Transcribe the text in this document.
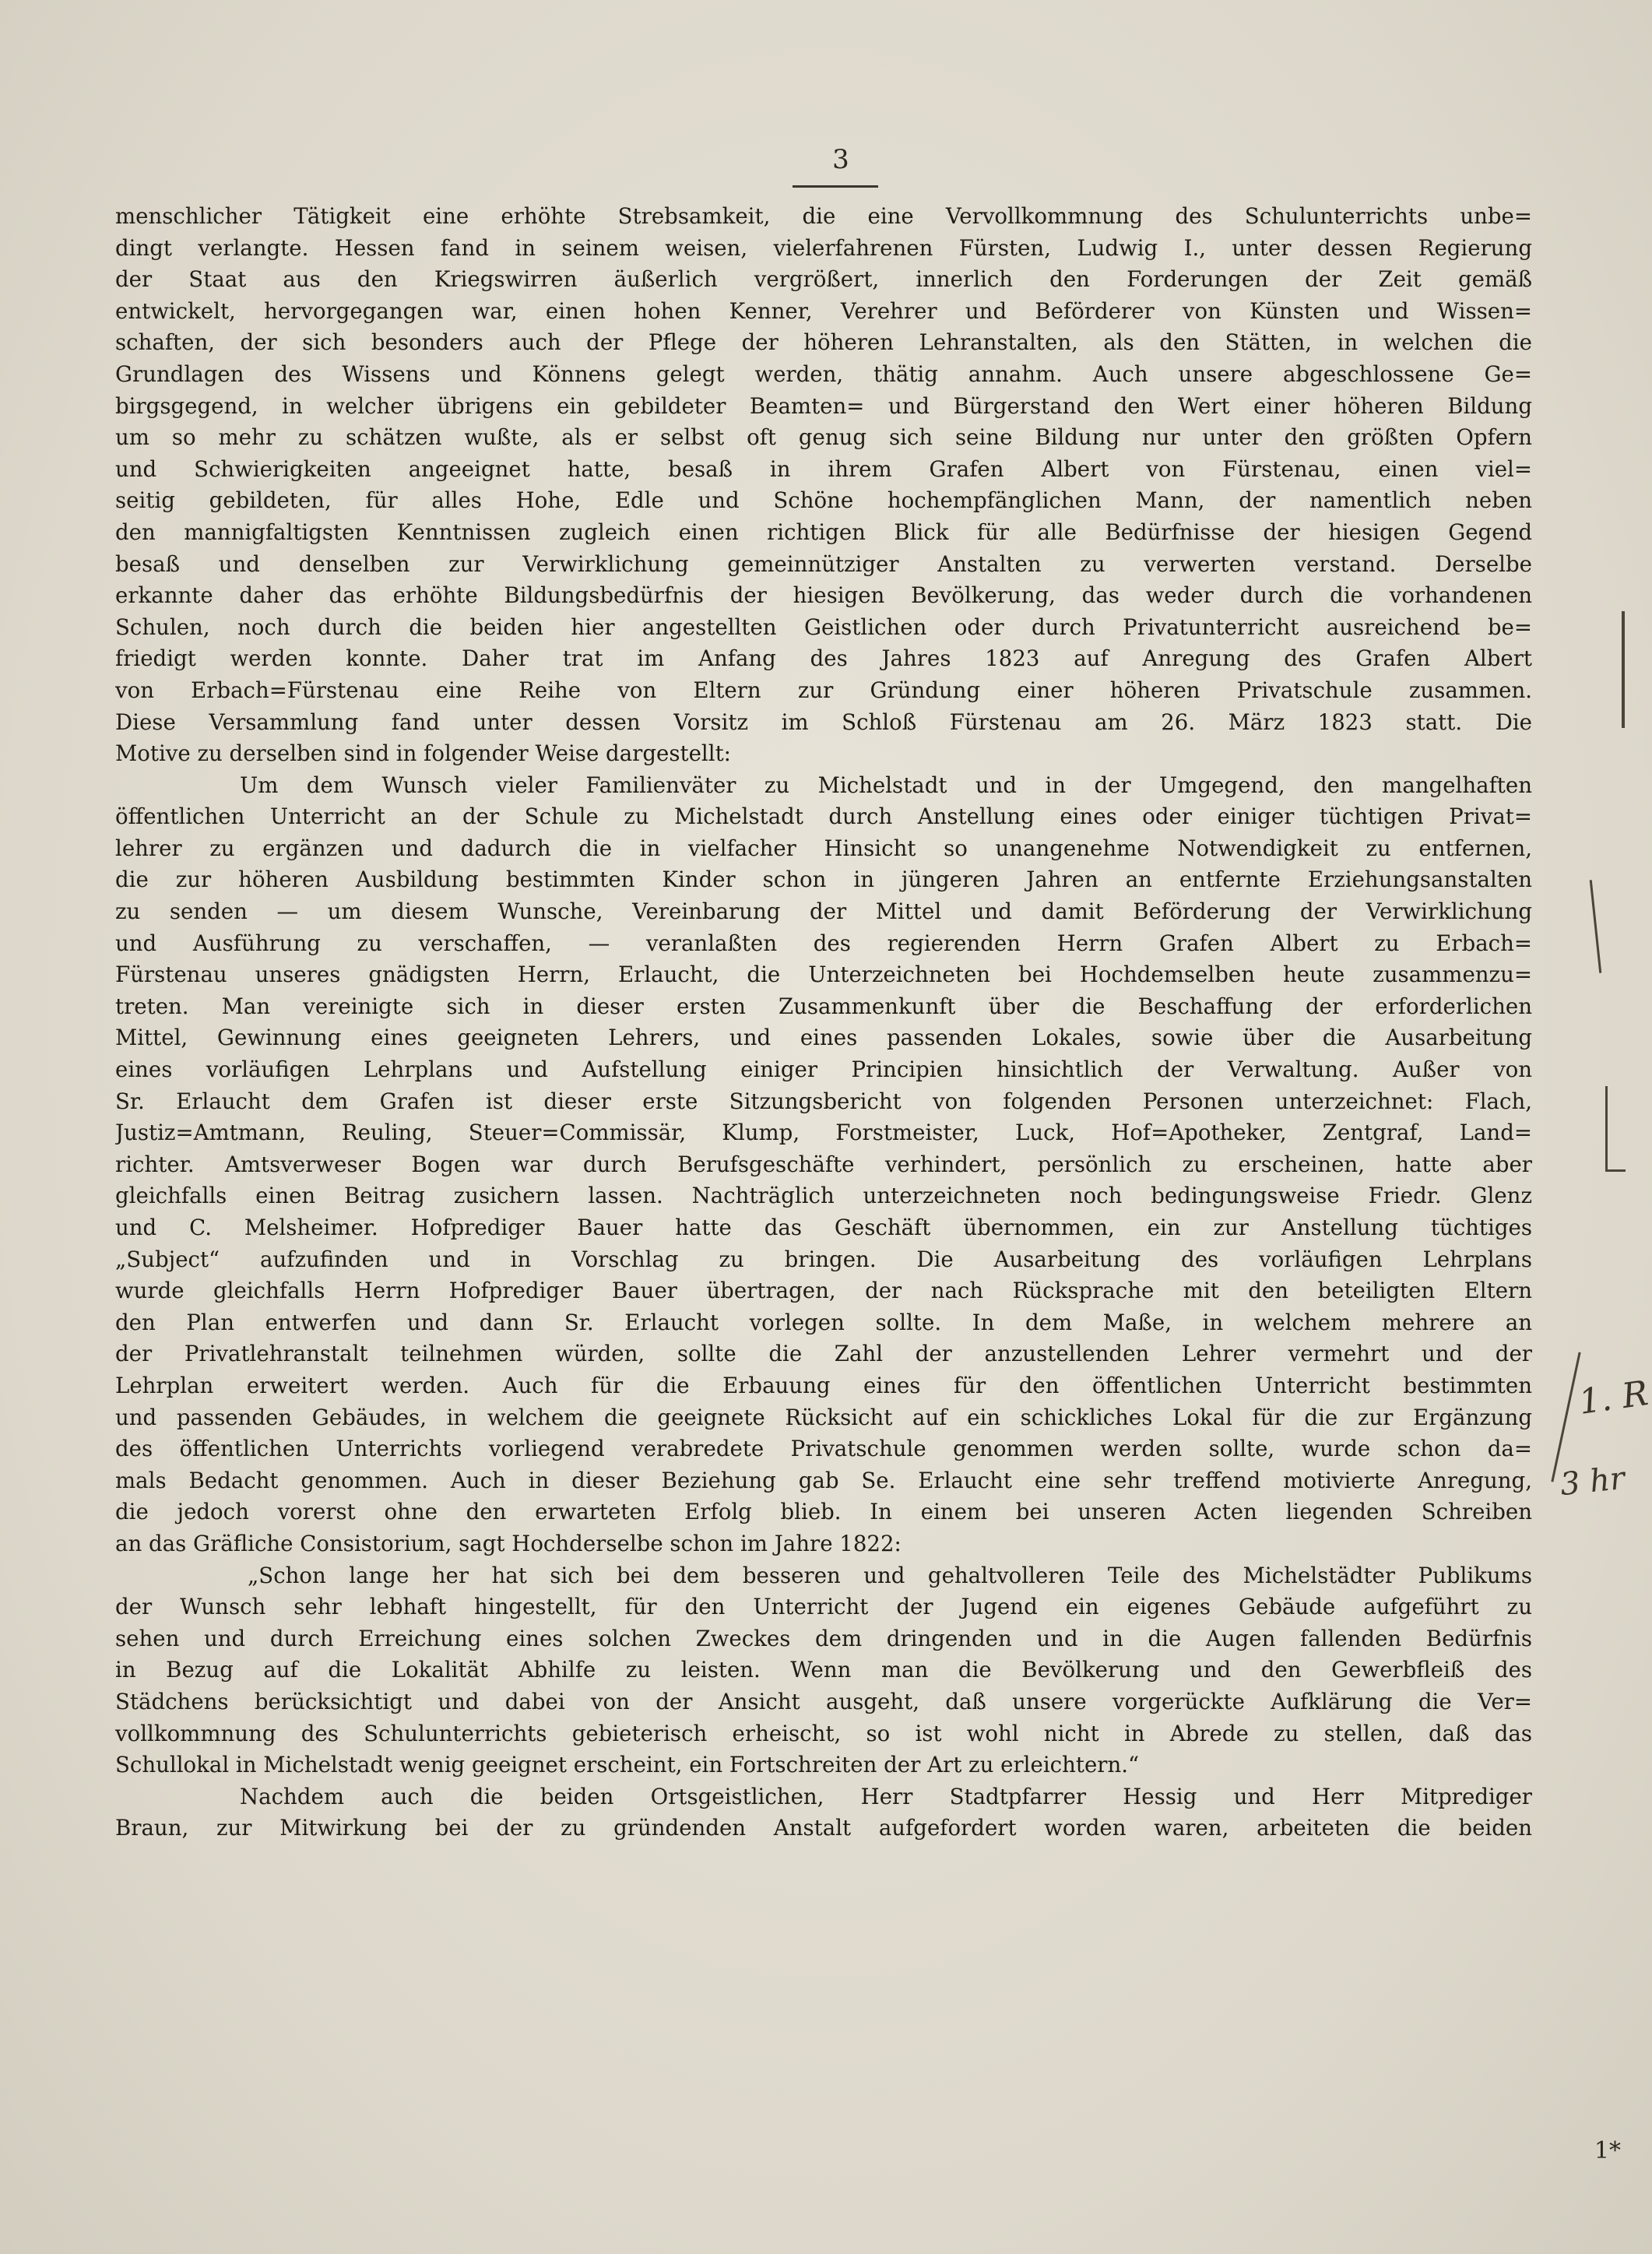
3
menschlicher Tätigkeit eine erhöhte Strebsamkeit, die eine Vervollkommnung des Schulunterrichts unbe=
dingt verlangte. Hessen fand in seinem weisen, vielerfahrenen Fürsten, Ludwig I., unter dessen Regierung
der Staat aus den Kriegswirren äußerlich vergrößert, innerlich den Forderungen der Zeit gemäß
entwickelt, hervorgegangen war, einen hohen Kenner, Verehrer und Beförderer von Künsten und Wissen=
schaften, der sich besonders auch der Pflege der höheren Lehranstalten, als den Stätten, in welchen die
Grundlagen des Wissens und Könnens gelegt werden, thätig annahm. Auch unsere abgeschlossene Ge=
birgsgegend, in welcher übrigens ein gebildeter Beamten= und Bürgerstand den Wert einer höheren Bildung
um so mehr zu schätzen wußte, als er selbst oft genug sich seine Bildung nur unter den größten Opfern
und Schwierigkeiten angeeignet hatte, besaß in ihrem Grafen Albert von Fürstenau, einen viel=
seitig gebildeten, für alles Hohe, Edle und Schöne hochempfänglichen Mann, der namentlich neben
den mannigfaltigsten Kenntnissen zugleich einen richtigen Blick für alle Bedürfnisse der hiesigen Gegend
besaß und denselben zur Verwirklichung gemeinnütziger Anstalten zu verwerten verstand. Derselbe
erkannte daher das erhöhte Bildungsbedürfnis der hiesigen Bevölkerung, das weder durch die vorhandenen
Schulen, noch durch die beiden hier angestellten Geistlichen oder durch Privatunterricht ausreichend be=
friedigt werden konnte. Daher trat im Anfang des Jahres 1823 auf Anregung des Grafen Albert
von Erbach=Fürstenau eine Reihe von Eltern zur Gründung einer höheren Privatschule zusammen.
Diese Versammlung fand unter dessen Vorsitz im Schloß Fürstenau am 26. März 1823 statt. Die
Motive zu derselben sind in folgender Weise dargestellt:
Um dem Wunsch vieler Familienväter zu Michelstadt und in der Umgegend, den mangelhaften
öffentlichen Unterricht an der Schule zu Michelstadt durch Anstellung eines oder einiger tüchtigen Privat=
lehrer zu ergänzen und dadurch die in vielfacher Hinsicht so unangenehme Notwendigkeit zu entfernen,
die zur höheren Ausbildung bestimmten Kinder schon in jüngeren Jahren an entfernte Erziehungsanstalten
zu senden — um diesem Wunsche, Vereinbarung der Mittel und damit Beförderung der Verwirklichung
und Ausführung zu verschaffen, — veranlaßten des regierenden Herrn Grafen Albert zu Erbach=
Fürstenau unseres gnädigsten Herrn, Erlaucht, die Unterzeichneten bei Hochdemselben heute zusammenzu=
treten. Man vereinigte sich in dieser ersten Zusammenkunft über die Beschaffung der erforderlichen
Mittel, Gewinnung eines geeigneten Lehrers, und eines passenden Lokales, sowie über die Ausarbeitung
eines vorläufigen Lehrplans und Aufstellung einiger Principien hinsichtlich der Verwaltung. Außer von
Sr. Erlaucht dem Grafen ist dieser erste Sitzungsbericht von folgenden Personen unterzeichnet: Flach,
Justiz=Amtmann, Reuling, Steuer=Commissär, Klump, Forstmeister, Luck, Hof=Apotheker, Zentgraf, Land=
richter. Amtsverweser Bogen war durch Berufsgeschäfte verhindert, persönlich zu erscheinen, hatte aber
gleichfalls einen Beitrag zusichern lassen. Nachträglich unterzeichneten noch bedingungsweise Friedr. Glenz
und C. Melsheimer. Hofprediger Bauer hatte das Geschäft übernommen, ein zur Anstellung tüchtiges
„Subject“ aufzufinden und in Vorschlag zu bringen. Die Ausarbeitung des vorläufigen Lehrplans
wurde gleichfalls Herrn Hofprediger Bauer übertragen, der nach Rücksprache mit den beteiligten Eltern
den Plan entwerfen und dann Sr. Erlaucht vorlegen sollte. In dem Maße, in welchem mehrere an
der Privatlehranstalt teilnehmen würden, sollte die Zahl der anzustellenden Lehrer vermehrt und der
Lehrplan erweitert werden. Auch für die Erbauung eines für den öffentlichen Unterricht bestimmten
und passenden Gebäudes, in welchem die geeignete Rücksicht auf ein schickliches Lokal für die zur Ergänzung
des öffentlichen Unterrichts vorliegend verabredete Privatschule genommen werden sollte, wurde schon da=
mals Bedacht genommen. Auch in dieser Beziehung gab Se. Erlaucht eine sehr treffend motivierte Anregung,
die jedoch vorerst ohne den erwarteten Erfolg blieb. In einem bei unseren Acten liegenden Schreiben
an das Gräfliche Consistorium, sagt Hochderselbe schon im Jahre 1822:
„Schon lange her hat sich bei dem besseren und gehaltvolleren Teile des Michelstädter Publikums
der Wunsch sehr lebhaft hingestellt, für den Unterricht der Jugend ein eigenes Gebäude aufgeführt zu
sehen und durch Erreichung eines solchen Zweckes dem dringenden und in die Augen fallenden Bedürfnis
in Bezug auf die Lokalität Abhilfe zu leisten. Wenn man die Bevölkerung und den Gewerbfleiß des
Städchens berücksichtigt und dabei von der Ansicht ausgeht, daß unsere vorgerückte Aufklärung die Ver=
vollkommnung des Schulunterrichts gebieterisch erheischt, so ist wohl nicht in Abrede zu stellen, daß das
Schullokal in Michelstadt wenig geeignet erscheint, ein Fortschreiten der Art zu erleichtern.“
Nachdem auch die beiden Ortsgeistlichen, Herr Stadtpfarrer Hessig und Herr Mitprediger
Braun, zur Mitwirkung bei der zu gründenden Anstalt aufgefordert worden waren, arbeiteten die beiden
1. R
3 hr
1*
